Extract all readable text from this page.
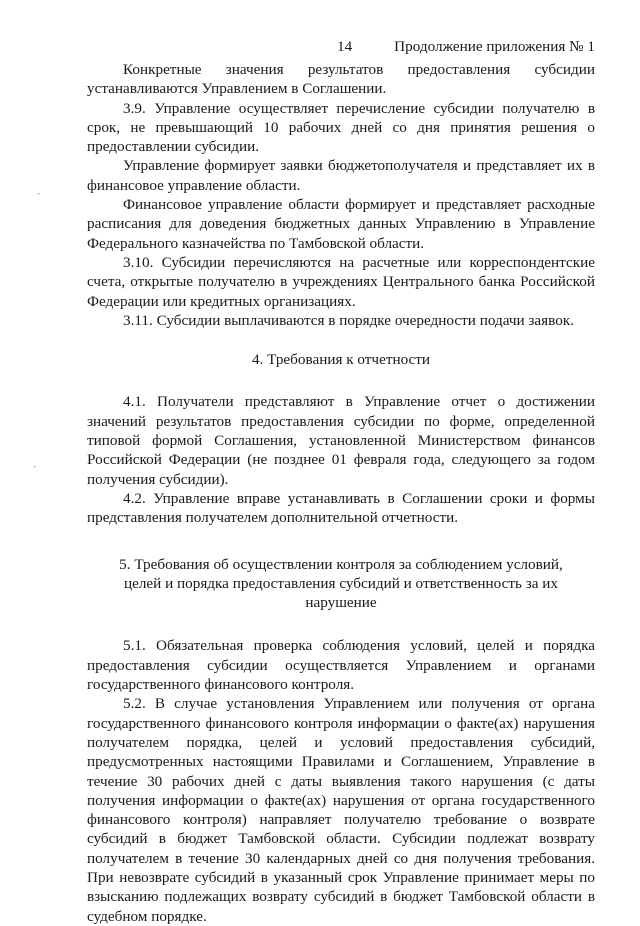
14	Продолжение приложения № 1
-
-

Конкретные значения результатов предоставления субсидии устанавливаются Управлением в Соглашении.

3.9. Управление осуществляет перечисление субсидии получателю в срок, не превышающий 10 рабочих дней со дня принятия решения о предоставлении субсидии.

Управление формирует заявки бюджетополучателя и представляет их в финансовое управление области.

Финансовое управление области формирует и представляет расходные расписания для доведения бюджетных данных Управлению в Управление Федерального казначейства по Тамбовской области.

3.10. Субсидии перечисляются на расчетные или корреспондентские счета, открытые получателю в учреждениях Центрального банка Российской Федерации или кредитных организациях.

3.11. Субсидии выплачиваются в порядке очередности подачи заявок.

4. Требования к отчетности

4.1. Получатели представляют в Управление отчет о достижении значений результатов предоставления субсидии по форме, определенной типовой формой Соглашения, установленной Министерством финансов Российской Федерации (не позднее 01 февраля года, следующего за годом получения субсидии).

4.2. Управление вправе устанавливать в Соглашении сроки и формы представления получателем дополнительной отчетности.

5. Требования об осуществлении контроля за соблюдением условий, целей и порядка предоставления субсидий и ответственность за их нарушение

5.1. Обязательная проверка соблюдения условий, целей и порядка предоставления субсидии осуществляется Управлением и органами государственного финансового контроля.

5.2. В случае установления Управлением или получения от органа государственного финансового контроля информации о факте(ах) нарушения получателем порядка, целей и условий предоставления субсидий, предусмотренных настоящими Правилами и Соглашением, Управление в течение 30 рабочих дней с даты выявления такого нарушения (с даты получения информации о факте(ах) нарушения от органа государственного финансового контроля) направляет получателю требование о возврате субсидий в бюджет Тамбовской области. Субсидии подлежат возврату получателем в течение 30 календарных дней со дня получения требования. При невозврате субсидий в указанный срок Управление принимает меры по взысканию подлежащих возврату субсидий в бюджет Тамбовской области в судебном порядке.
